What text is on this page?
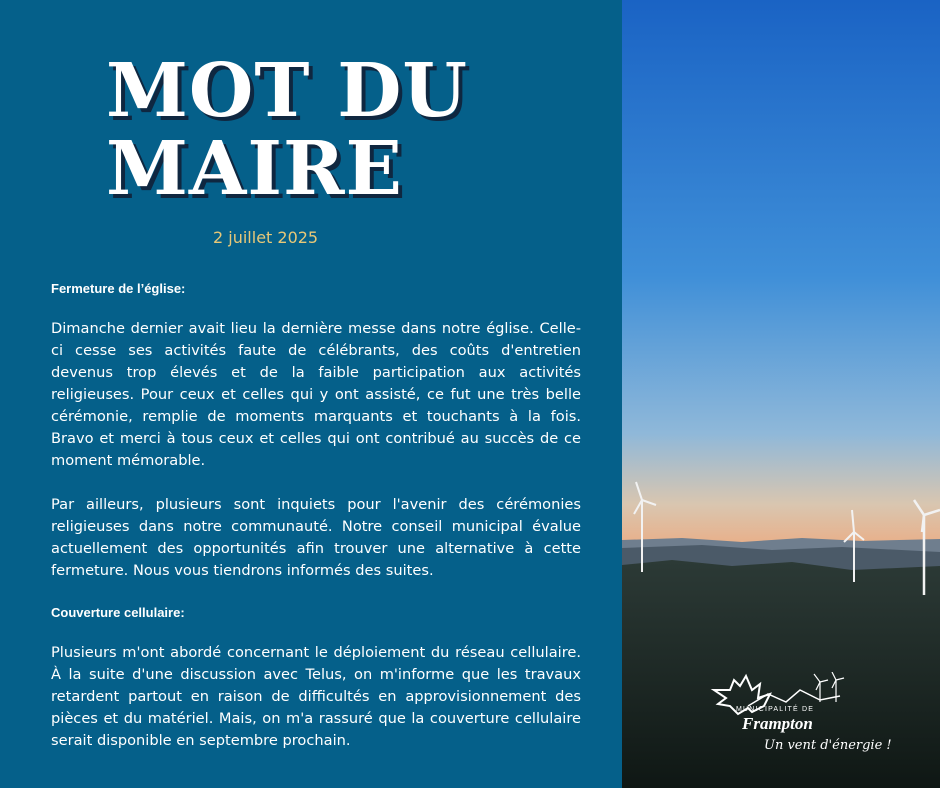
MOT DU
MAIRE
2 juillet 2025
Fermeture de l’église:

Dimanche dernier avait lieu la dernière messe dans notre église. Celle-ci cesse ses activités faute de célébrants, des coûts d'entretien devenus trop élevés et de la faible participation aux activités religieuses. Pour ceux et celles qui y ont assisté, ce fut une très belle cérémonie, remplie de moments marquants et touchants à la fois. Bravo et merci à tous ceux et celles qui ont contribué au succès de ce moment mémorable.

Par ailleurs, plusieurs sont inquiets pour l'avenir des cérémonies religieuses dans notre communauté. Notre conseil municipal évalue actuellement des opportunités afin trouver une alternative à cette fermeture. Nous vous tiendrons informés des suites.

Couverture cellulaire:

Plusieurs m'ont abordé concernant le déploiement du réseau cellulaire. À la suite d'une discussion avec Telus, on m'informe que les travaux retardent partout en raison de difficultés en approvisionnement des pièces et du matériel. Mais, on m'a rassuré que la couverture cellulaire serait disponible en septembre prochain.

MUNICIPALITÉ DE
Frampton
Un vent d'énergie !
